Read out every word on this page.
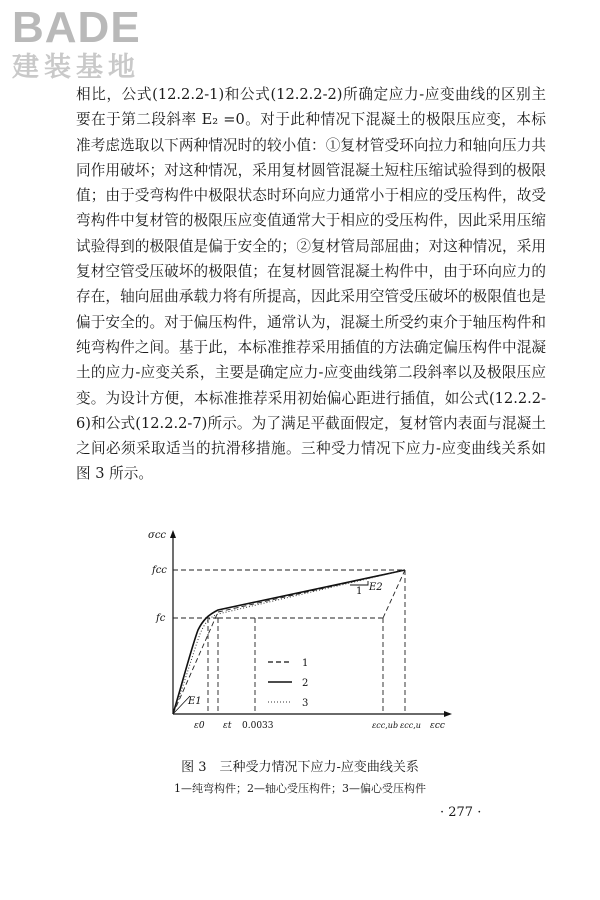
BADE
建装基地

相比，公式(12.2.2-1)和公式(12.2.2-2)所确定应力-应变曲线的区别主要在于第二段斜率 E₂ =0。对于此种情况下混凝土的极限压应变，本标准考虑选取以下两种情况时的较小值：①复材管受环向拉力和轴向压力共同作用破坏；对这种情况，采用复材圆管混凝土短柱压缩试验得到的极限值；由于受弯构件中极限状态时环向应力通常小于相应的受压构件，故受弯构件中复材管的极限压应变值通常大于相应的受压构件，因此采用压缩试验得到的极限值是偏于安全的；②复材管局部屈曲；对这种情况，采用复材空管受压破坏的极限值；在复材圆管混凝土构件中，由于环向应力的存在，轴向屈曲承载力将有所提高，因此采用空管受压破坏的极限值也是偏于安全的。对于偏压构件，通常认为，混凝土所受约束介于轴压构件和纯弯构件之间。基于此，本标准推荐采用插值的方法确定偏压构件中混凝土的应力-应变关系，主要是确定应力-应变曲线第二段斜率以及极限压应变。为设计方便，本标准推荐采用初始偏心距进行插值，如公式(12.2.2-6)和公式(12.2.2-7)所示。为了满足平截面假定，复材管内表面与混凝土之间必须采取适当的抗滑移措施。三种受力情况下应力-应变曲线关系如图 3 所示。

σcc
fcc
fc
E1
1 E2
ε0 εt 0.0033	εcc,ub εcc,u εcc
1
2
3
图 3　三种受力情况下应力-应变曲线关系
1—纯弯构件；2—轴心受压构件；3—偏心受压构件
· 277 ·
